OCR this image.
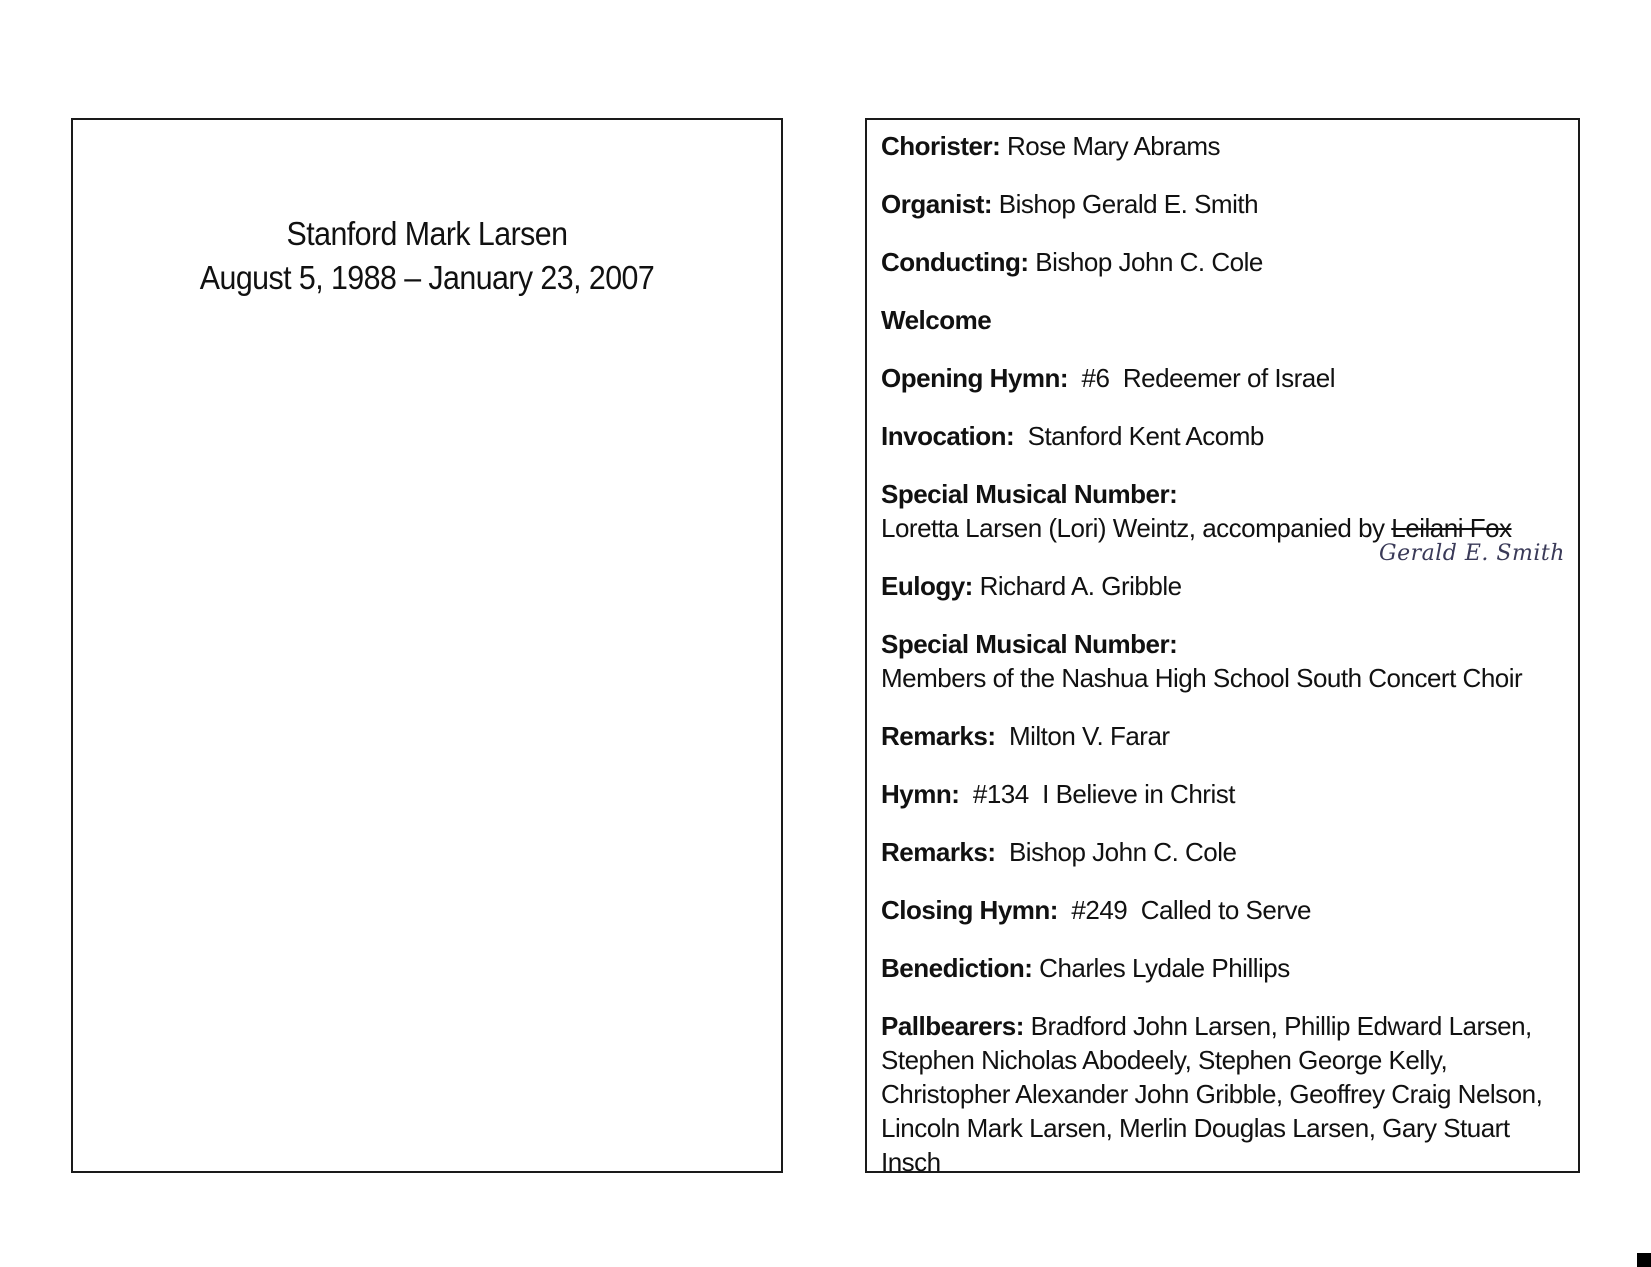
Stanford Mark Larsen
August 5, 1988 – January 23, 2007
Chorister: Rose Mary Abrams
Organist: Bishop Gerald E. Smith
Conducting: Bishop John C. Cole
Welcome
Opening Hymn:  #6  Redeemer of Israel
Invocation:  Stanford Kent Acomb
Special Musical Number:
Loretta Larsen (Lori) Weintz, accompanied by Leilani Fox
Gerald E. Smith
Eulogy: Richard A. Gribble
Special Musical Number:
Members of the Nashua High School South Concert Choir
Remarks:  Milton V. Farar
Hymn:  #134  I Believe in Christ
Remarks:  Bishop John C. Cole
Closing Hymn:  #249  Called to Serve
Benediction: Charles Lydale Phillips
Pallbearers: Bradford John Larsen, Phillip Edward Larsen, Stephen Nicholas Abodeely, Stephen George Kelly, Christopher Alexander John Gribble, Geoffrey Craig Nelson, Lincoln Mark Larsen, Merlin Douglas Larsen, Gary Stuart Insch
